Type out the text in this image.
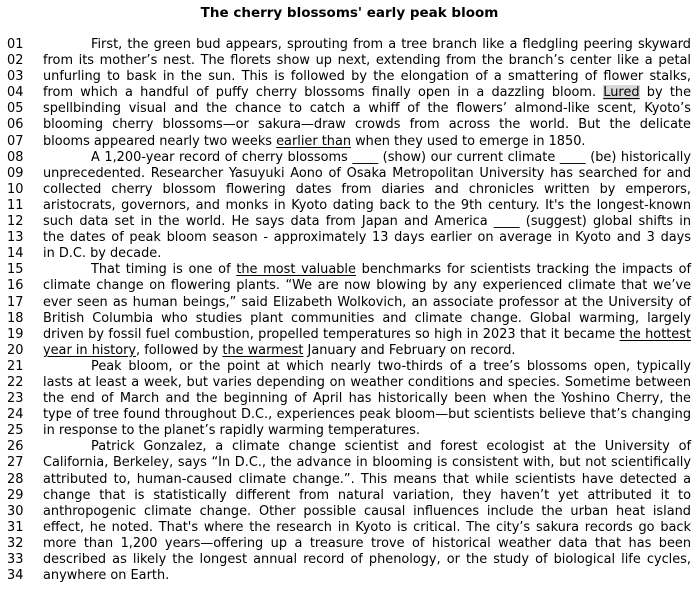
The cherry blossoms' early peak bloom
01	First, the green bud appears, sprouting from a tree branch like a fledgling peering skyward
02 from its mother’s nest. The florets show up next, extending from the branch’s center like a petal
03 unfurling to bask in the sun. This is followed by the elongation of a smattering of flower stalks,
04 from which a handful of puffy cherry blossoms finally open in a dazzling bloom. Lured by the
05 spellbinding visual and the chance to catch a whiff of the flowers’ almond-like scent, Kyoto’s
06 blooming cherry blossoms—or sakura—draw crowds from across the world. But the delicate
07 blooms appeared nearly two weeks earlier than when they used to emerge in 1850.
08	A 1,200-year record of cherry blossoms ____ (show) our current climate ____ (be) historically
09 unprecedented. Researcher Yasuyuki Aono of Osaka Metropolitan University has searched for and
10 collected cherry blossom flowering dates from diaries and chronicles written by emperors,
11 aristocrats, governors, and monks in Kyoto dating back to the 9th century. It's the longest-known
12 such data set in the world. He says data from Japan and America ____ (suggest) global shifts in
13 the dates of peak bloom season - approximately 13 days earlier on average in Kyoto and 3 days
14 in D.C. by decade.
15	That timing is one of the most valuable benchmarks for scientists tracking the impacts of
16 climate change on flowering plants. “We are now blowing by any experienced climate that we’ve
17 ever seen as human beings,” said Elizabeth Wolkovich, an associate professor at the University of
18 British Columbia who studies plant communities and climate change. Global warming, largely
19 driven by fossil fuel combustion, propelled temperatures so high in 2023 that it became the hottest
20 year in history, followed by the warmest January and February on record.
21	Peak bloom, or the point at which nearly two-thirds of a tree’s blossoms open, typically
22 lasts at least a week, but varies depending on weather conditions and species. Sometime between
23 the end of March and the beginning of April has historically been when the Yoshino Cherry, the
24 type of tree found throughout D.C., experiences peak bloom—but scientists believe that’s changing
25 in response to the planet’s rapidly warming temperatures.
26	Patrick Gonzalez, a climate change scientist and forest ecologist at the University of
27 California, Berkeley, says “In D.C., the advance in blooming is consistent with, but not scientifically
28 attributed to, human-caused climate change.”. This means that while scientists have detected a
29 change that is statistically different from natural variation, they haven’t yet attributed it to
30 anthropogenic climate change. Other possible causal influences include the urban heat island
31 effect, he noted. That's where the research in Kyoto is critical. The city’s sakura records go back
32 more than 1,200 years—offering up a treasure trove of historical weather data that has been
33 described as likely the longest annual record of phenology, or the study of biological life cycles,
34 anywhere on Earth.
